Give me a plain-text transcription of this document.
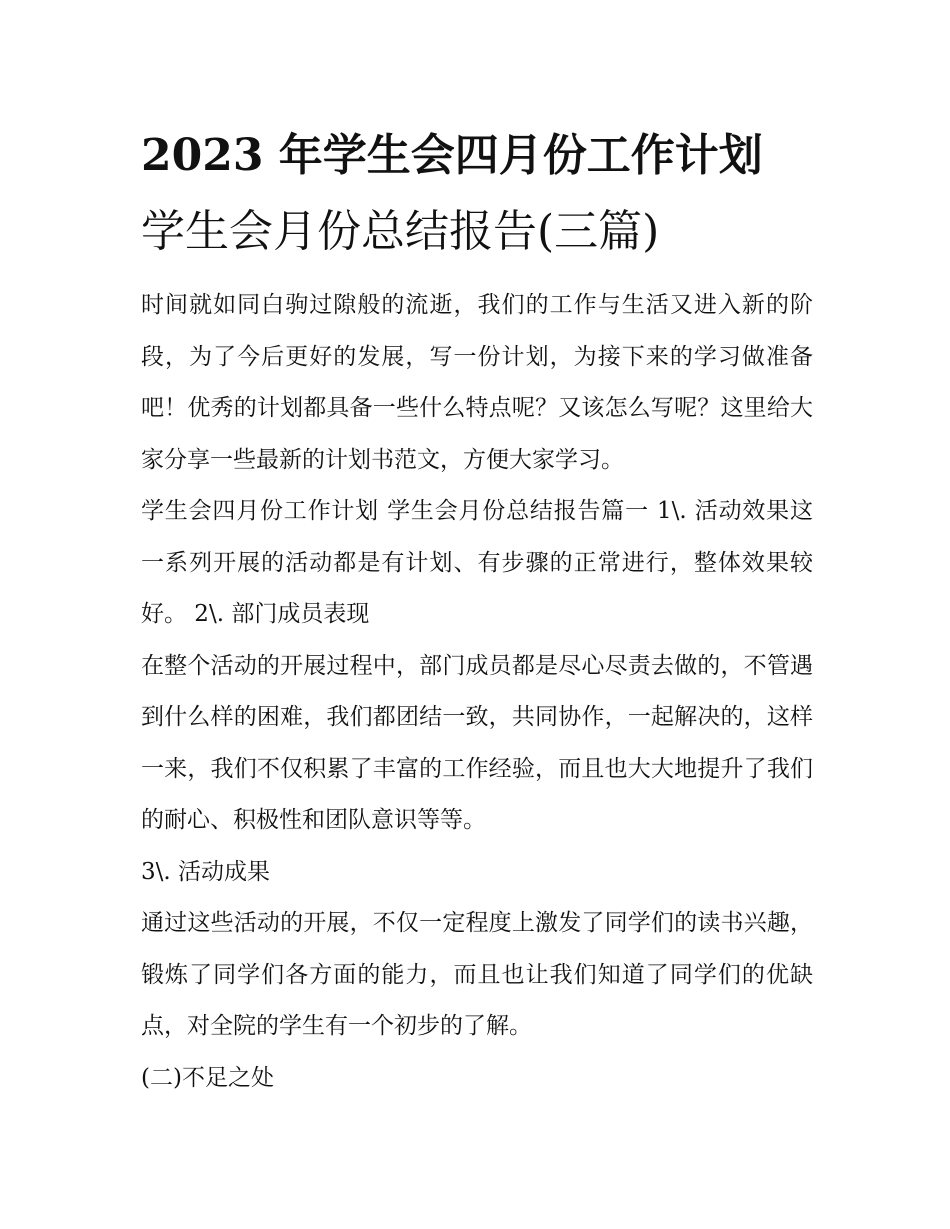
2023 年学生会四月份工作计划
学生会月份总结报告(三篇)

时间就如同白驹过隙般的流逝，我们的工作与生活又进入新的阶段，为了今后更好的发展，写一份计划，为接下来的学习做准备吧！优秀的计划都具备一些什么特点呢？又该怎么写呢？这里给大家分享一些最新的计划书范文，方便大家学习。

学生会四月份工作计划 学生会月份总结报告篇一 1\. 活动效果这一系列开展的活动都是有计划、有步骤的正常进行，整体效果较好。 2\. 部门成员表现

在整个活动的开展过程中，部门成员都是尽心尽责去做的，不管遇到什么样的困难，我们都团结一致，共同协作，一起解决的，这样一来，我们不仅积累了丰富的工作经验，而且也大大地提升了我们的耐心、积极性和团队意识等等。

3\. 活动成果

通过这些活动的开展，不仅一定程度上激发了同学们的读书兴趣，锻炼了同学们各方面的能力，而且也让我们知道了同学们的优缺点，对全院的学生有一个初步的了解。

(二)不足之处
